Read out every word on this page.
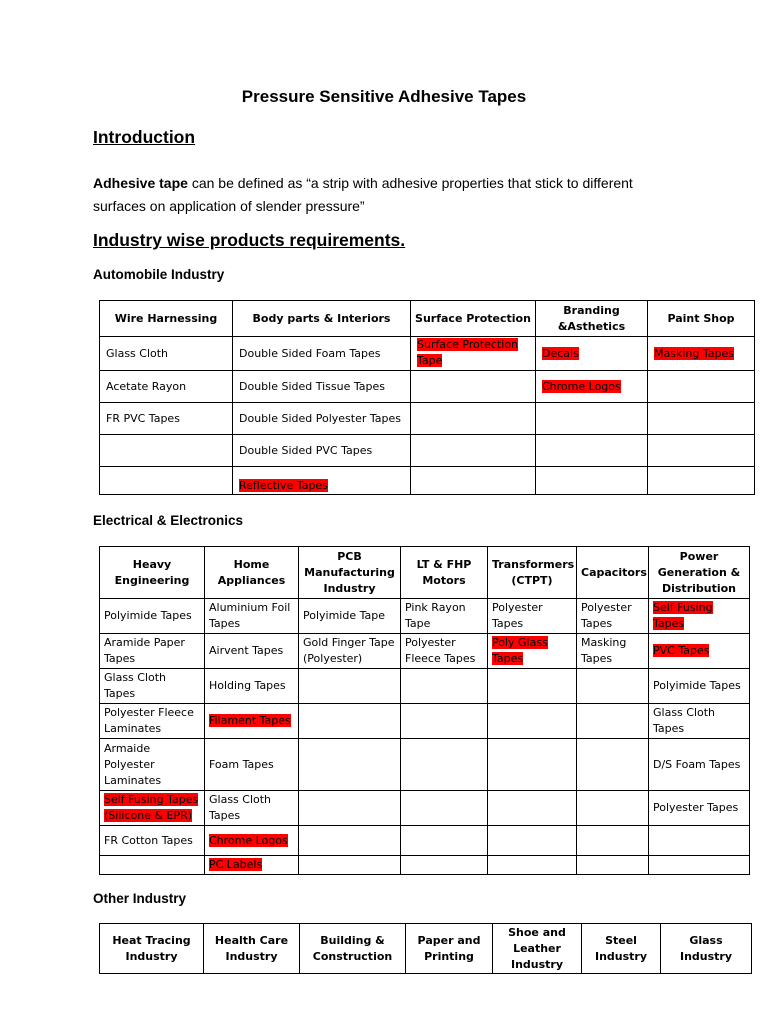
Pressure Sensitive Adhesive Tapes
Introduction
Adhesive tape can be defined as “a strip with adhesive properties that stick to different
surfaces on application of slender pressure”
Industry wise products requirements.
Automobile Industry
Wire Harnessing	Body parts & Interiors	Surface Protection	Branding &Asthetics	Paint Shop
Glass Cloth	Double Sided Foam Tapes	Surface Protection Tape	Decals	Masking Tapes
Acetate Rayon	Double Sided Tissue Tapes		Chrome Logos	
FR PVC Tapes	Double Sided Polyester Tapes			
	Double Sided PVC Tapes			
	Reflective Tapes			
Electrical & Electronics
Heavy Engineering	Home Appliances	PCB Manufacturing Industry	LT & FHP Motors	Transformers (CTPT)	Capacitors	Power Generation & Distribution
Polyimide Tapes	Aluminium Foil Tapes	Polyimide Tape	Pink Rayon Tape	Polyester Tapes	Polyester Tapes	Self Fusing Tapes
Aramide Paper Tapes	Airvent Tapes	Gold Finger Tape (Polyester)	Polyester Fleece Tapes	Poly Glass Tapes	Masking Tapes	PVC Tapes
Glass Cloth Tapes	Holding Tapes					Polyimide Tapes
Polyester Fleece Laminates	Filament Tapes					Glass Cloth Tapes
Armaide Polyester Laminates	Foam Tapes					D/S Foam Tapes
Self Fusing Tapes (Silicone & EPR)	Glass Cloth Tapes					Polyester Tapes
FR Cotton Tapes	Chrome Logos					
	PC Labels					
Other Industry
Heat Tracing Industry	Health Care Industry	Building & Construction	Paper and Printing	Shoe and Leather Industry	Steel Industry	Glass Industry
